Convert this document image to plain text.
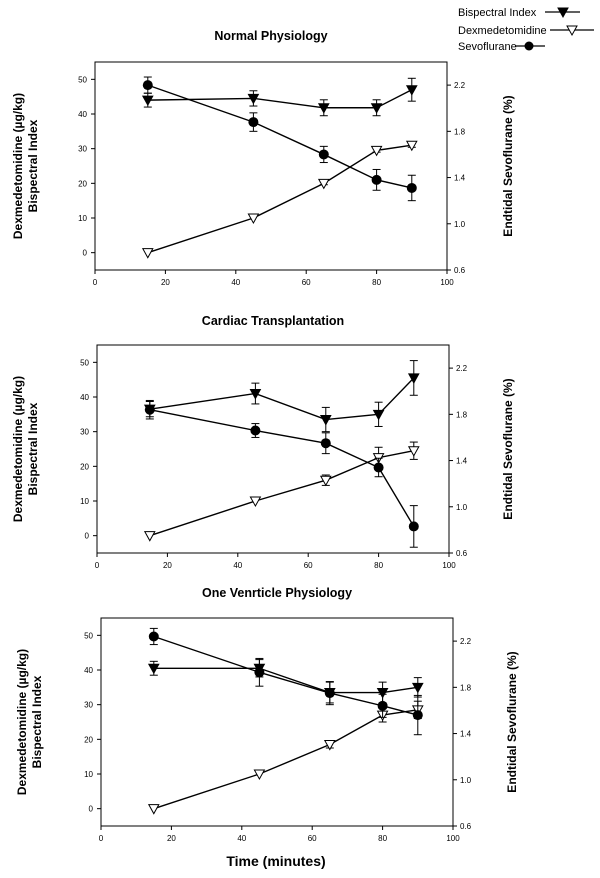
Bispectral Index
Dexmedetomidine
Sevoflurane
Normal Physiology
0	20	40	60	80	100
0
10
20
30
40
50
0.6
1.0
1.4
1.8
2.2
Dexmedetomidine (µg/kg)Bispectral Index	Endtidal Sevoflurane (%)
Cardiac Transplantation
0	20	40	60	80	100
0
10
20
30
40
50
0.6
1.0
1.4
1.8
2.2
Dexmedetomidine (µg/kg)Bispectral Index	Endtidal Sevoflurane (%)
One Venrticle Physiology
0	20	40	60	80	100
0
10
20
30
40
50
0.6
1.0
1.4
1.8
2.2
Dexmedetomidine (µg/kg)Bispectral Index	Endtidal Sevoflurane (%)
Time (minutes)
